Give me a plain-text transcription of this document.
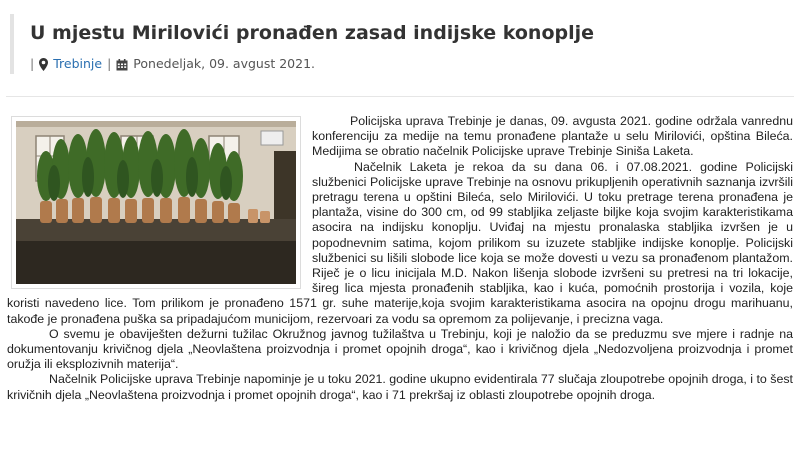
U mjestu Mirilovići pronađen zasad indijske konoplje
| Trebinje | Ponedeljak, 09. avgust 2021.

Policijska uprava Trebinje je danas, 09. avgusta 2021. godine održala vanrednu konferenciju za medije na temu pronađene plantaže u selu Mirilovići, opština Bileća. Medijima se obratio načelnik Policijske uprave Trebinje Siniša Laketa.

Načelnik Laketa je rekoa da su dana 06. i 07.08.2021. godine Policijski službenici Policijske uprave Trebinje na osnovu prikupljenih operativnih saznanja izvršili pretragu terena u opštini Bileća, selo Mirilovići. U toku pretrage terena pronađena je plantaža, visine do 300 cm, od 99 stabljika zeljaste biljke koja svojim karakteristikama asocira na indijsku konoplju. Uviđaj na mjestu pronalaska stabljika izvršen je u popodnevnim satima, kojom prilikom su izuzete stabljike indijske konoplje. Policijski službenici su lišili slobode lice koja se može dovesti u vezu sa pronađenom plantažom. Riječ je o licu inicijala M.D. Nakon lišenja slobode izvršeni su pretresi na tri lokacije, šireg lica mjesta pronađenih stabljika, kao i kuća, pomoćnih prostorija i vozila, koje koristi navedeno lice. Tom prilikom je pronađeno 1571 gr. suhe materije,koja svojim karakteristikama asocira na opojnu drogu marihuanu, takođe je pronađena puška sa pripadajućom municijom, rezervoari za vodu sa opremom za polijevanje, i precizna vaga.

O svemu je obaviješten dežurni tužilac Okružnog javnog tužilaštva u Trebinju, koji je naložio da se preduzmu sve mjere i radnje na dokumentovanju krivičnog djela „Neovlaštena proizvodnja i promet opojnih droga“, kao i krivičnog djela „Nedozvoljena proizvodnja i promet oružja ili eksplozivnih materija“.

Načelnik Policijske uprava Trebinje napominje je u toku 2021. godine ukupno evidentirala 77 slučaja zloupotrebe opojnih droga, i to šest krivičnih djela „Neovlaštena proizvodnja i promet opojnih droga“, kao i 71 prekršaj iz oblasti zloupotrebe opojnih droga.
